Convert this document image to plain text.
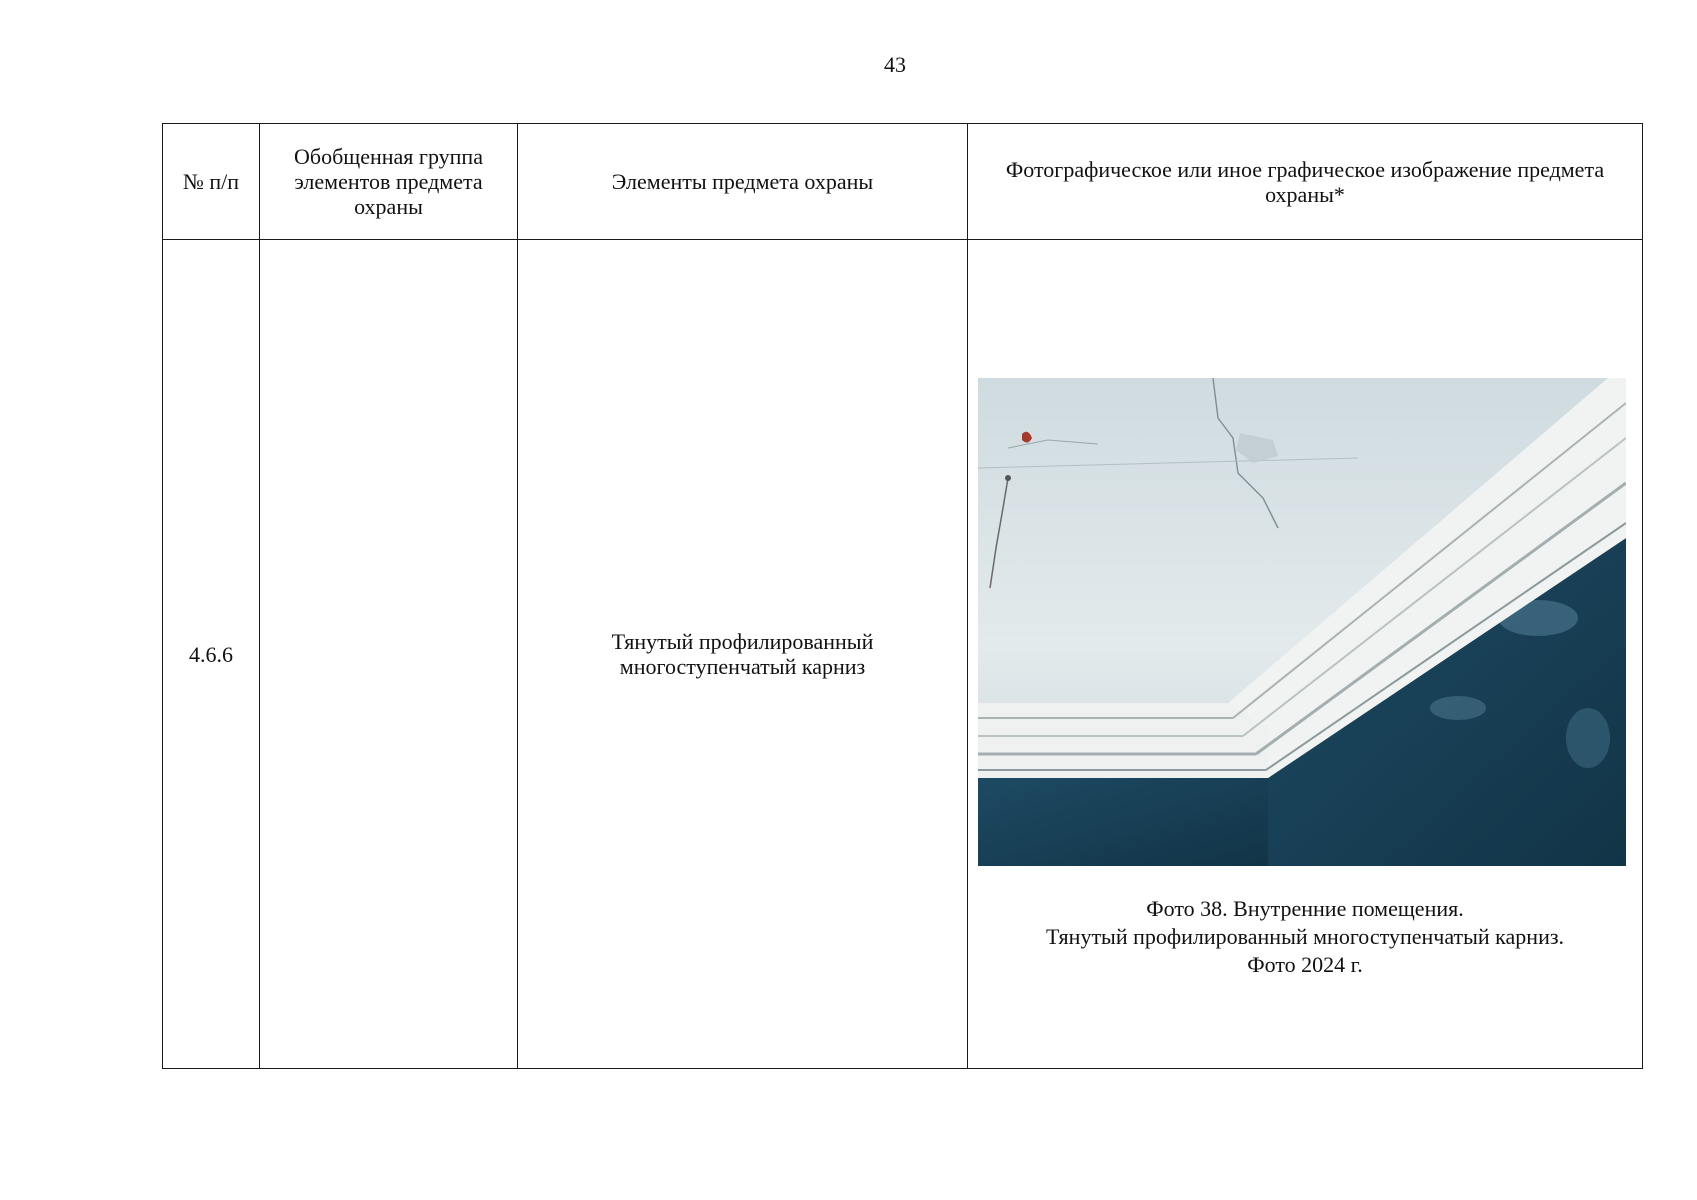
43
№ п/п	Обобщенная группа элементов предмета охраны	Элементы предмета охраны	Фотографическое или иное графическое изображение предмета охраны*
4.6.6		Тянутый профилированный многоступенчатый карниз	Фото 38. Внутренние помещения.
Тянутый профилированный многоступенчатый карниз.
Фото 2024 г.
